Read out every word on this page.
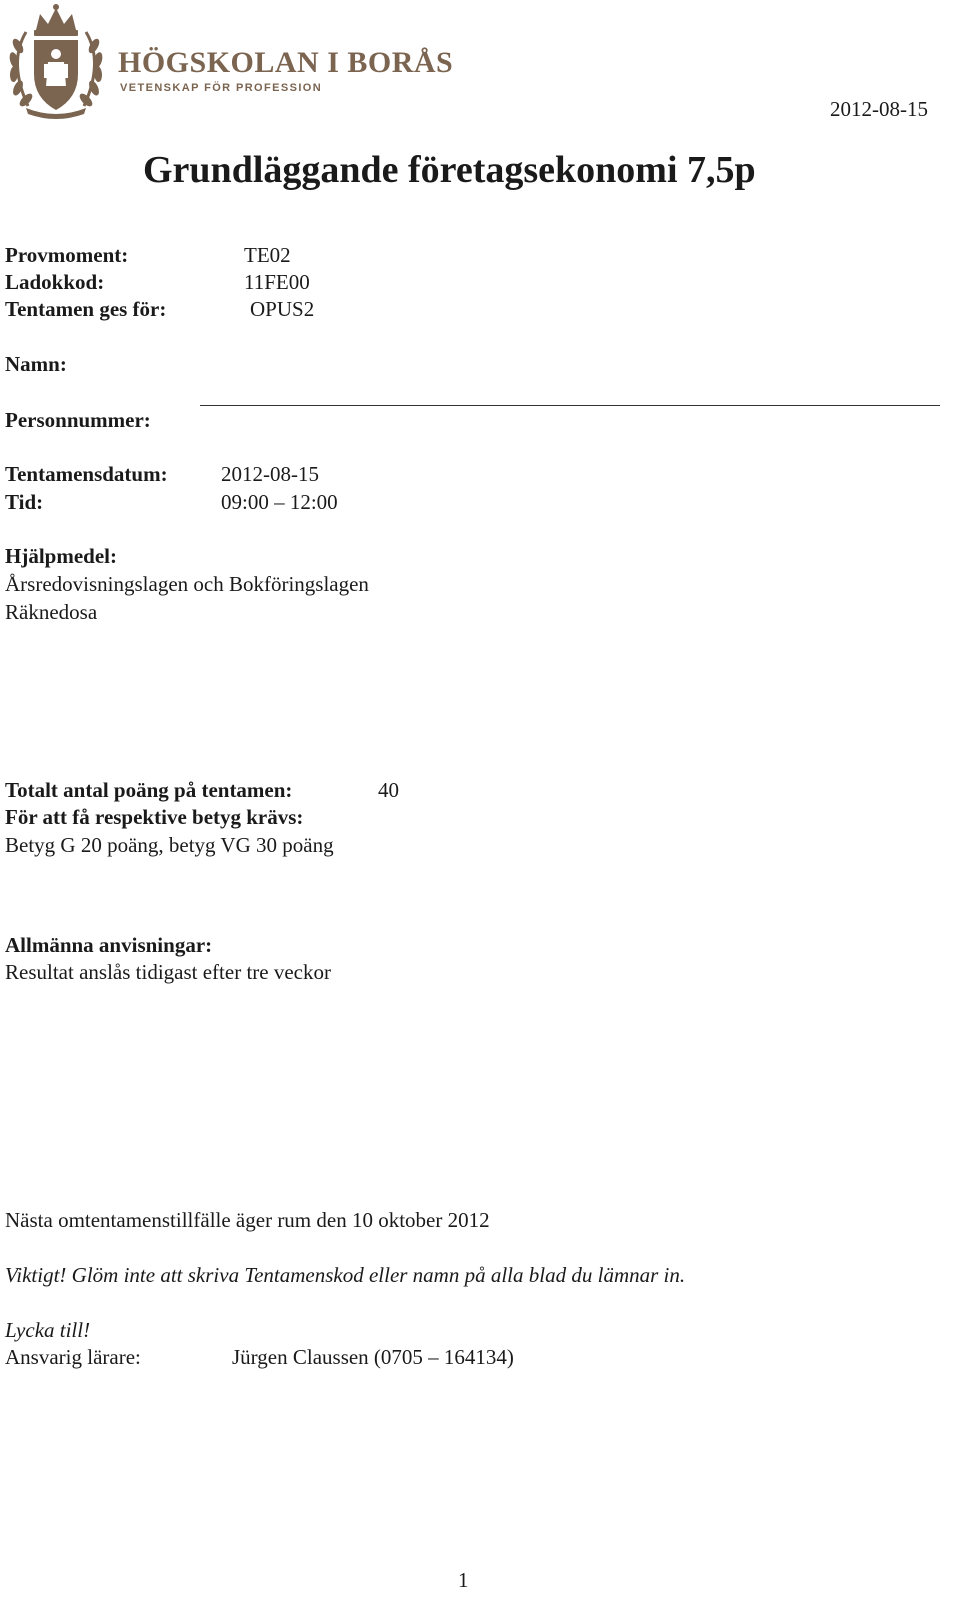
HÖGSKOLAN I BORÅS
VETENSKAP FÖR PROFESSION
2012-08-15
Grundläggande företagsekonomi 7,5p
Provmoment:	TE02
Ladokkod:	11FE00
Tentamen ges för:	OPUS2
Namn:
Personnummer:
Tentamensdatum:	2012-08-15
Tid:	09:00 – 12:00
Hjälpmedel:
Årsredovisningslagen och Bokföringslagen
Räknedosa
Totalt antal poäng på tentamen:	40
För att få respektive betyg krävs:
Betyg G 20 poäng, betyg VG 30 poäng
Allmänna anvisningar:
Resultat anslås tidigast efter tre veckor
Nästa omtentamenstillfälle äger rum den 10 oktober 2012
Viktigt! Glöm inte att skriva Tentamenskod eller namn på alla blad du lämnar in.
Lycka till!
Ansvarig lärare:	Jürgen Claussen (0705 – 164134)
1
